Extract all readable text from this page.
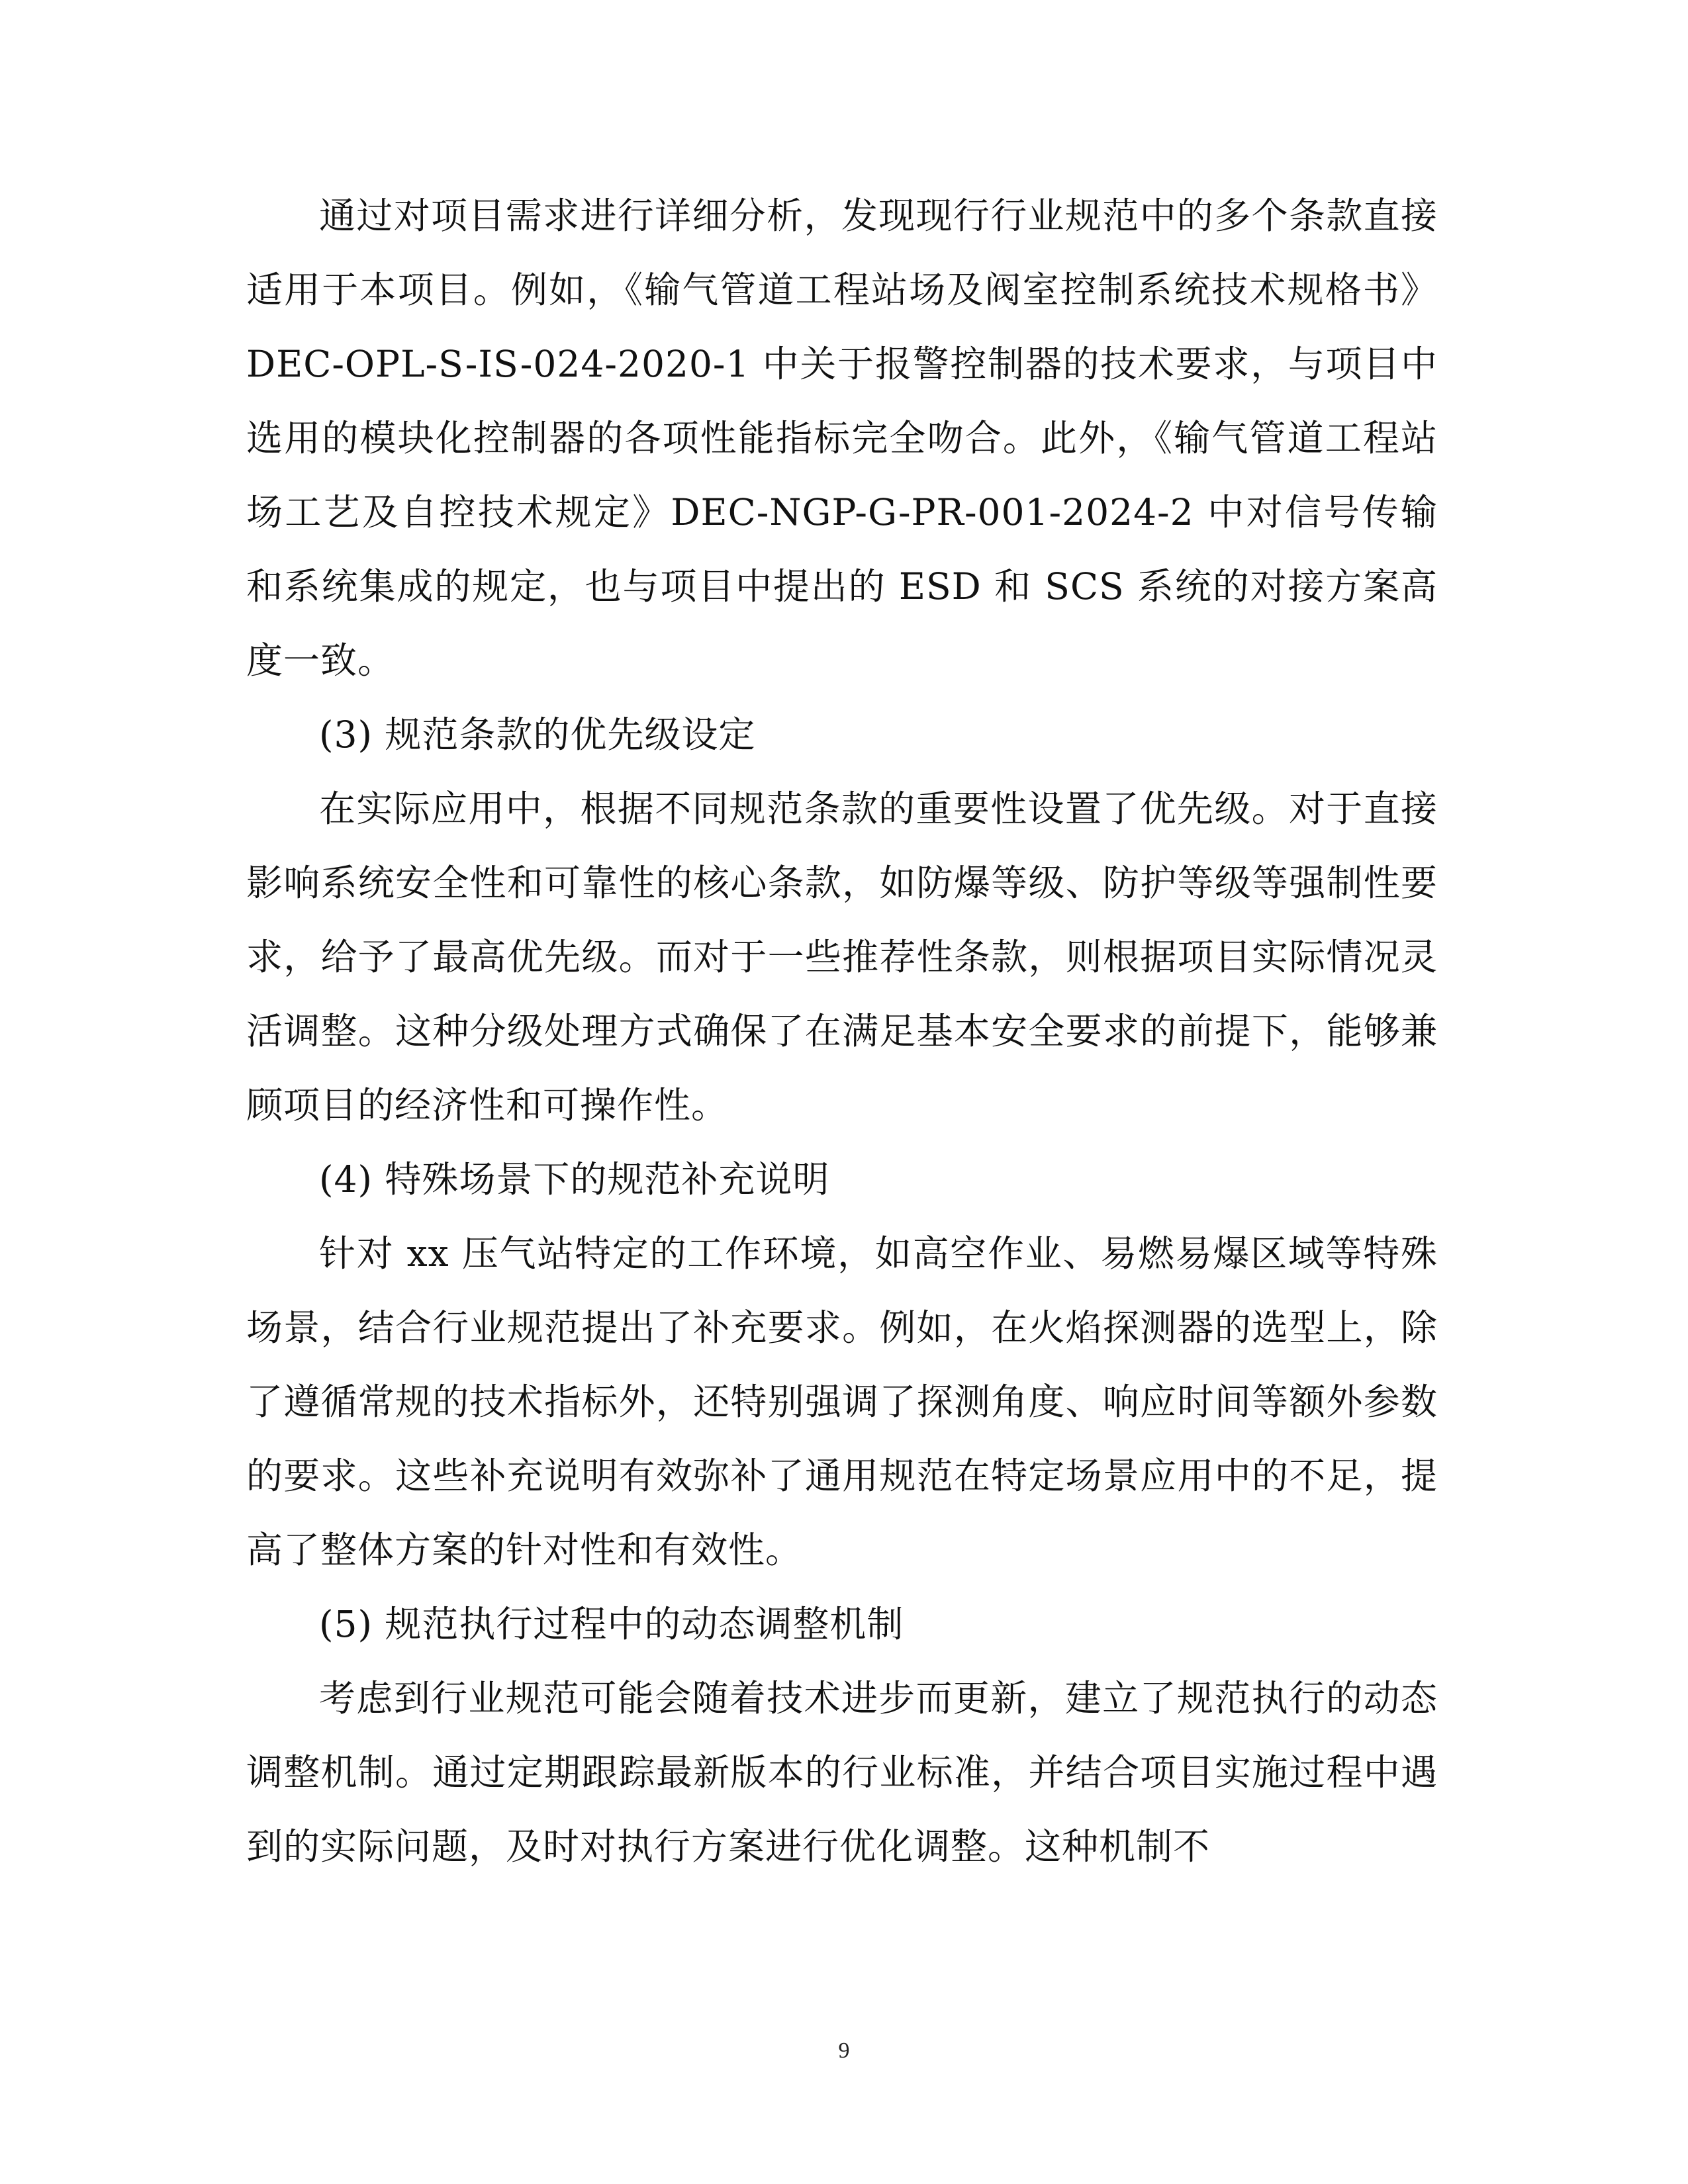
通过对项目需求进行详细分析，发现现行行业规范中的多个条款直接适用于本项目。例如，《输气管道工程站场及阀室控制系统技术规格书》DEC-OPL-S-IS-024-2020-1 中关于报警控制器的技术要求，与项目中选用的模块化控制器的各项性能指标完全吻合。此外，《输气管道工程站场工艺及自控技术规定》DEC-NGP-G-PR-001-2024-2 中对信号传输和系统集成的规定，也与项目中提出的 ESD 和 SCS 系统的对接方案高度一致。

(3) 规范条款的优先级设定

在实际应用中，根据不同规范条款的重要性设置了优先级。对于直接影响系统安全性和可靠性的核心条款，如防爆等级、防护等级等强制性要求，给予了最高优先级。而对于一些推荐性条款，则根据项目实际情况灵活调整。这种分级处理方式确保了在满足基本安全要求的前提下，能够兼顾项目的经济性和可操作性。

(4) 特殊场景下的规范补充说明

针对 xx 压气站特定的工作环境，如高空作业、易燃易爆区域等特殊场景，结合行业规范提出了补充要求。例如，在火焰探测器的选型上，除了遵循常规的技术指标外，还特别强调了探测角度、响应时间等额外参数的要求。这些补充说明有效弥补了通用规范在特定场景应用中的不足，提高了整体方案的针对性和有效性。

(5) 规范执行过程中的动态调整机制

考虑到行业规范可能会随着技术进步而更新，建立了规范执行的动态调整机制。通过定期跟踪最新版本的行业标准，并结合项目实施过程中遇到的实际问题，及时对执行方案进行优化调整。这种机制不

9
